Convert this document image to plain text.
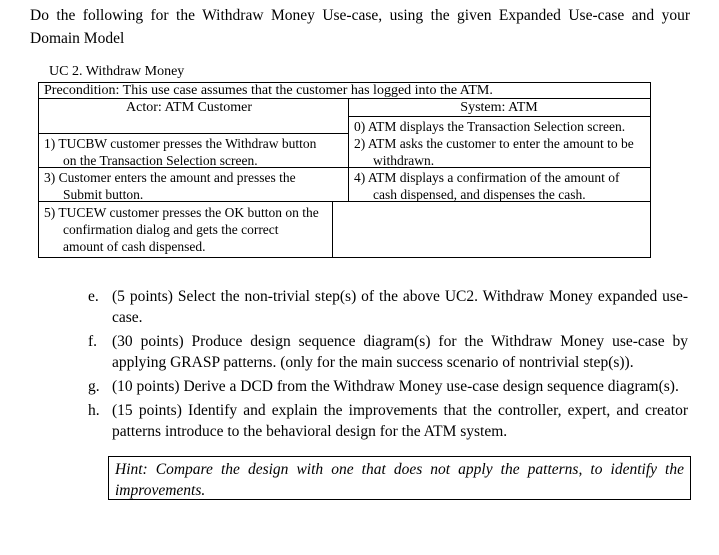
Do the following for the Withdraw Money Use-case, using the given Expanded Use-case and your Domain Model
UC 2. Withdraw Money
Precondition: This use case assumes that the customer has logged into the ATM.
Actor: ATM Customer	System: ATM
1) TUCBW customer presses the Withdraw button
on the Transaction Selection screen.
3) Customer enters the amount and presses the
Submit button.
5) TUCEW customer presses the OK button on the
confirmation dialog and gets the correct amount of cash dispensed.
0) ATM displays the Transaction Selection screen.
2) ATM asks the customer to enter the amount to be
withdrawn.
4) ATM displays a confirmation of the amount of
cash dispensed, and dispenses the cash.
e. (5 points) Select the non-trivial step(s) of the above UC2. Withdraw Money expanded use-case.
f. (30 points) Produce design sequence diagram(s) for the Withdraw Money use-case by applying GRASP patterns. (only for the main success scenario of nontrivial step(s)).
g. (10 points) Derive a DCD from the Withdraw Money use-case design sequence diagram(s).
h. (15 points) Identify and explain the improvements that the controller, expert, and creator patterns introduce to the behavioral design for the ATM system.
Hint: Compare the design with one that does not apply the patterns, to identify the improvements.
